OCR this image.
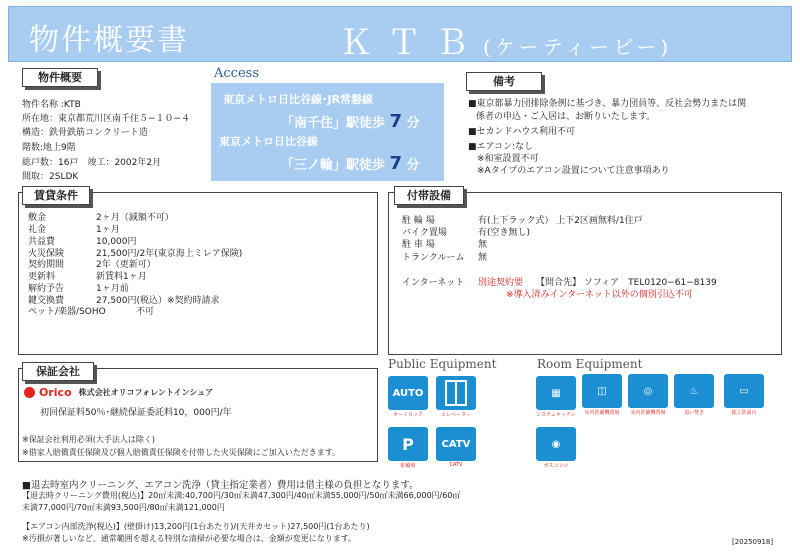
物件概要書	ＫＴＢ(ケーティービー)
物件概要
物件名称 :KTB
所在地：東京都荒川区南千住５−１０−４
構造：鉄骨鉄筋コンクリート造
階数:地上9階
総戸数：16戸　竣工：2002年2月
間取：2SLDK
Access
東京メトロ日比谷線･JR常磐線
「南千住」駅徒歩 7 分
東京メトロ日比谷線
「三ノ輪」駅徒歩 7 分
備考
■東京都暴力団排除条例に基づき、暴力団員等、反社会勢力または関
係者の申込・ご入居は、お断りいたします。
■セカンドハウス利用不可
■エアコン:なし
　※和室設置不可
　※Aタイプのエアコン設置について注意事項あり
賃貸条件
敷金	2ヶ月（減額不可）
礼金	1ヶ月
共益費	10,000円
火災保険	21,500円/2年(東京海上ミレア保険)
契約期間	2年（更新可）
更新料	新賃料1ヶ月
解約予告	1ヶ月前
鍵交換費	27,500円(税込）※契約時請求
ペット/楽器/SOHO	不可
付帯設備
駐 輪 場	有(上下ラック式） 上下2区画無料/1住戸
バイク置場	有(空き無し)
駐 車 場	無
トランクルーム 無
インターネット 別途契約要 【問合先】 ソフィア　TEL0120−61−8139
※導入済みインターネット以外の個別引込不可
保証会社
Orico 株式会社オリコフォレントインシュア
初回保証料50％･継続保証委託料10，000円/年
※保証会社利用必須(大手法人は除く)
※借家人賠償責任保険及び個人賠償責任保険を付帯した火災保険にご加入いただきます。
Public Equipment
AUTO
オートロック	エレベーター
P
駐輪場
CATV
CATV
Room Equipment
▦
システムキッチン
◫
室内洗濯機置場
◎
室内洗濯機置場
♨
追い焚き
▭
独立洗面台
◉
ガスコンロ
■退去時室内クリーニング、エアコン洗浄（貸主指定業者）費用は借主様の負担となります。
【退去時クリーニング費用(税込)】20㎡未満:40,700円/30㎡未満47,300円/40㎡未満55,000円/50㎡未満66,000円/60㎡
未満77,000円/70㎡未満93,500円/80㎡未満121,000円
【エアコン内部洗浄(税込)】(壁掛け)13,200円(1台あたり)/(天井カセット)27,500円(1台あたり)
※汚損が著しいなど、通常範囲を超える特別な清掃が必要な場合は、金額が変更になります。	[20250918]
